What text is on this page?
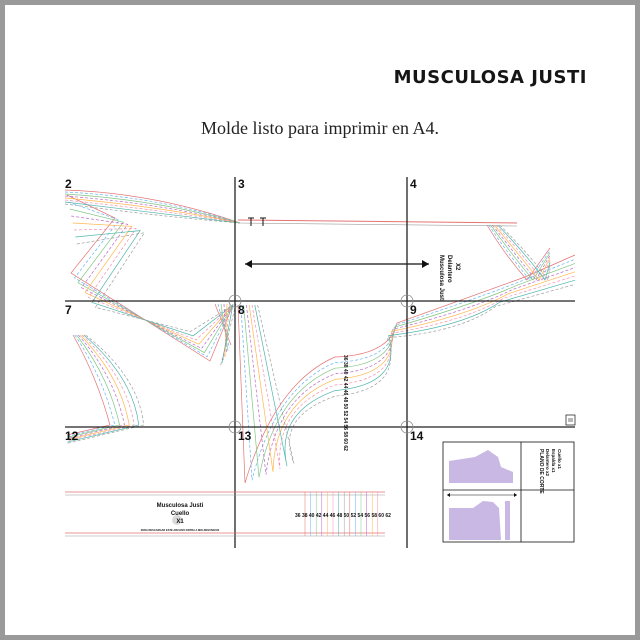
MUSCULOSA JUSTI
Molde listo para imprimir en A4.
2	3	4
7	8	9
12	13	14
Musculosa Justi Delantero X2
36 38 40 42 44 46 48 50 52 54 56 58 60 62
Musculosa Justi
Cuello
X1
PARA DESCARGAR ESTE ARCHIVO ENTRA A MOLDESUNICOS
36 38 40 42 44 46 48 50 52 54 56 58 60 62
PLANO DE CORTE Delantero x2 Espalda x1 Cuello x1
